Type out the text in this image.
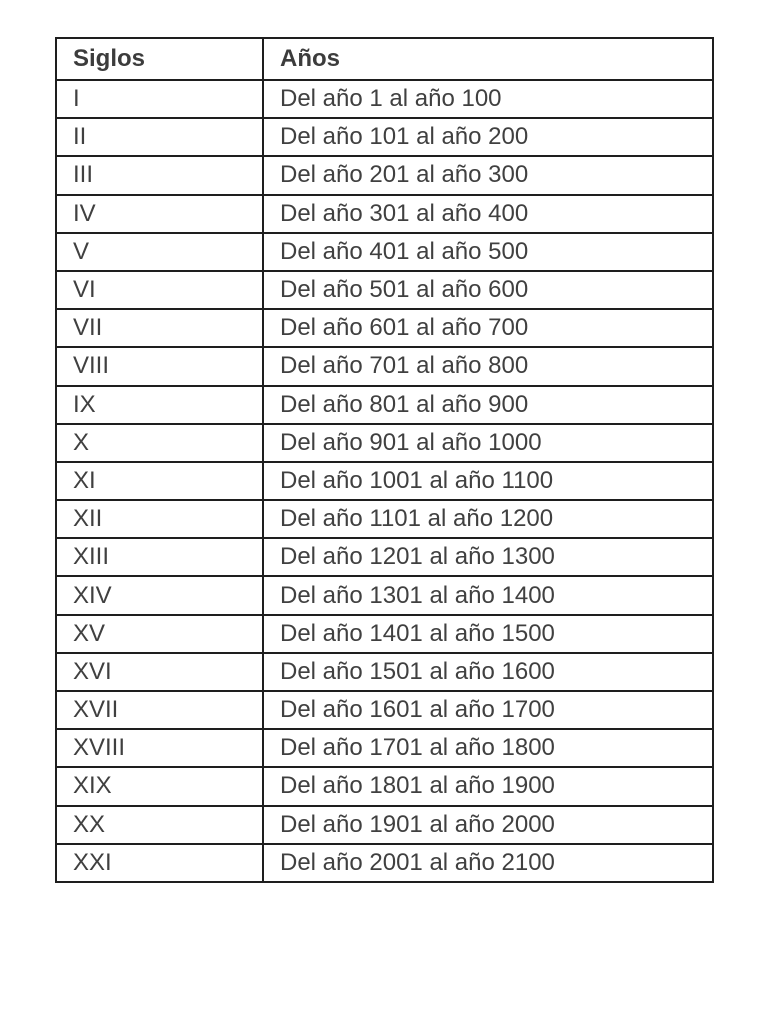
Siglos	Años
I	Del año 1 al año 100
II	Del año 101 al año 200
III	Del año 201 al año 300
IV	Del año 301 al año 400
V	Del año 401 al año 500
VI	Del año 501 al año 600
VII	Del año 601 al año 700
VIII	Del año 701 al año 800
IX	Del año 801 al año 900
X	Del año 901 al año 1000
XI	Del año 1001 al año 1100
XII	Del año 1101 al año 1200
XIII	Del año 1201 al año 1300
XIV	Del año 1301 al año 1400
XV	Del año 1401 al año 1500
XVI	Del año 1501 al año 1600
XVII	Del año 1601 al año 1700
XVIII	Del año 1701 al año 1800
XIX	Del año 1801 al año 1900
XX	Del año 1901 al año 2000
XXI	Del año 2001 al año 2100
